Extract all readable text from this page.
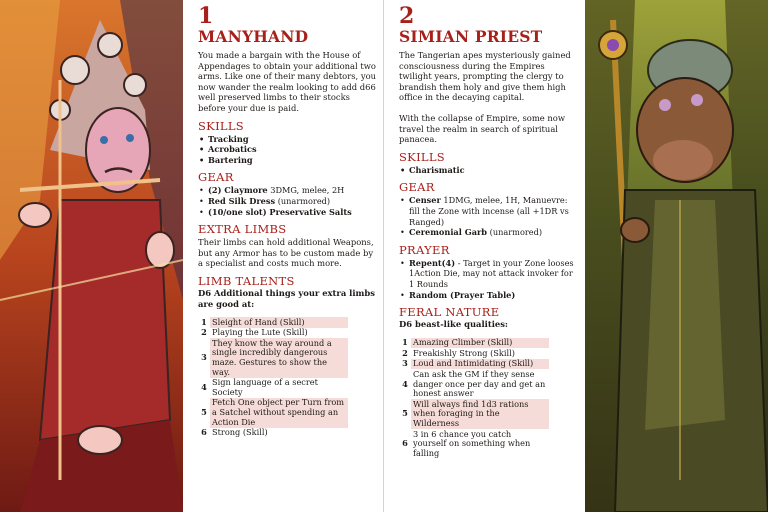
1
MANYHAND
You made a bargain with the House of Appendages to obtain your additional two arms. Like one of their many debtors, you now wander the realm looking to add d66 well preserved limbs to their stocks before your due is paid.
SKILLS
• Tracking
• Acrobatics
• Bartering
GEAR
• (2) Claymore 3DMG, melee, 2H
• Red Silk Dress (unarmored)
• (10/one slot) Preservative Salts
EXTRA LIMBS
Their limbs can hold additional Weapons, but any Armor has to be custom made by a specialist and costs much more.
LIMB TALENTS
D6 Additional things your extra limbs are good at:
1	Sleight of Hand (Skill)
2	Playing the Lute (Skill)
3	They know the way around a single incredibly dangerous maze. Gestures to show the way.
4	Sign language of a secret Society
5	Fetch One object per Turn from a Satchel without spending an Action Die
6	Strong (Skill)
2
SIMIAN PRIEST
The Tangerian apes mysteriously gained consciousness during the Empires twilight years, prompting the clergy to brandish them holy and give them high office in the decaying capital.
With the collapse of Empire, some now travel the realm in search of spiritual panacea.
SKILLS
• Charismatic
GEAR
• Censer 1DMG, melee, 1H, Manuevre: fill the Zone with incense (all +1DR vs Ranged)
• Ceremonial Garb (unarmored)
PRAYER
• Repent(4) - Target in your Zone looses 1Action Die, may not attack invoker for 1 Rounds
• Random (Prayer Table)
FERAL NATURE
D6 beast-like qualities:
1	Amazing Climber (Skill)
2	Freakishly Strong (Skill)
3	Loud and Intimidating (Skill)
4	Can ask the GM if they sense danger once per day and get an honest answer
5	Will always find 1d3 rations when foraging in the Wilderness
6	3 in 6 chance you catch yourself on something when falling
